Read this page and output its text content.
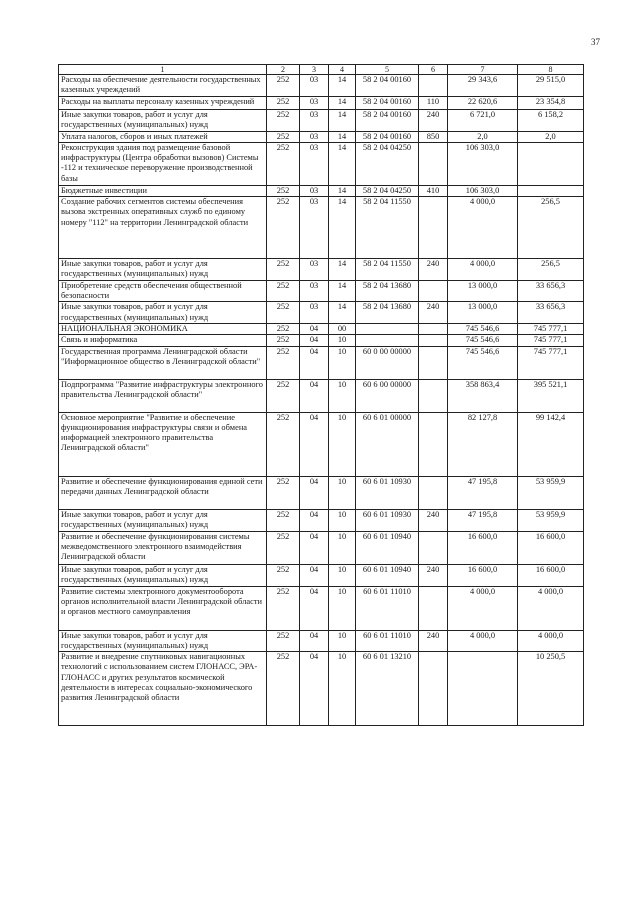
37
1	2	3	4	5	6	7	8
Расходы на обеспечение деятельности государственных казенных учреждений	252	03	14	58 2 04 00160		29 343,6	29 515,0
Расходы на выплаты персоналу казенных учреждений	252	03	14	58 2 04 00160	110	22 620,6	23 354,8
Иные закупки товаров, работ и услуг для государственных (муниципальных) нужд	252	03	14	58 2 04 00160	240	6 721,0	6 158,2
Уплата налогов, сборов и иных платежей	252	03	14	58 2 04 00160	850	2,0	2,0
Реконструкция здания под размещение базовой инфраструктуры (Центра обработки вызовов) Системы -112 и техническое переворужение производственной базы	252	03	14	58 2 04 04250		106 303,0	
Бюджетные инвестиции	252	03	14	58 2 04 04250	410	106 303,0	
Создание рабочих сегментов системы обеспечения вызова экстренных оперативных служб по единому номеру "112" на территории Ленинградской области	252	03	14	58 2 04 11550		4 000,0	256,5
Иные закупки товаров, работ и услуг для государственных (муниципальных) нужд	252	03	14	58 2 04 11550	240	4 000,0	256,5
Приобретение средств обеспечения общественной безопасности	252	03	14	58 2 04 13680		13 000,0	33 656,3
Иные закупки товаров, работ и услуг для государственных (муниципальных) нужд	252	03	14	58 2 04 13680	240	13 000,0	33 656,3
НАЦИОНАЛЬНАЯ ЭКОНОМИКА	252	04	00			745 546,6	745 777,1
Связь и информатика	252	04	10			745 546,6	745 777,1
Государственная программа Ленинградской области "Информационное общество в Ленинградской области"	252	04	10	60 0 00 00000		745 546,6	745 777,1
Подпрограмма "Развитие инфраструктуры электронного правительства Ленинградской области"	252	04	10	60 6 00 00000		358 863,4	395 521,1
Основное мероприятие "Развитие и обеспечение функционирования инфраструктуры связи и обмена информацией электронного правительства Ленинградской области"	252	04	10	60 6 01 00000		82 127,8	99 142,4
Развитие и обеспечение функционирования единой сети передачи данных Ленинградской области	252	04	10	60 6 01 10930		47 195,8	53 959,9
Иные закупки товаров, работ и услуг для государственных (муниципальных) нужд	252	04	10	60 6 01 10930	240	47 195,8	53 959,9
Развитие и обеспечение функционирования системы межведомственного электронного взаимодействия Ленинградской области	252	04	10	60 6 01 10940		16 600,0	16 600,0
Иные закупки товаров, работ и услуг для государственных (муниципальных) нужд	252	04	10	60 6 01 10940	240	16 600,0	16 600,0
Развитие системы электронного документооборота органов исполнительной власти Ленинградской области и органов местного самоуправления	252	04	10	60 6 01 11010		4 000,0	4 000,0
Иные закупки товаров, работ и услуг для государственных (муниципальных) нужд	252	04	10	60 6 01 11010	240	4 000,0	4 000,0
Развитие и внедрение спутниковых навигационных технологий с использованием систем ГЛОНАСС, ЭРА-ГЛОНАСС и других результатов космической деятельности в интересах социально-экономического развития Ленинградской области	252	04	10	60 6 01 13210			10 250,5
